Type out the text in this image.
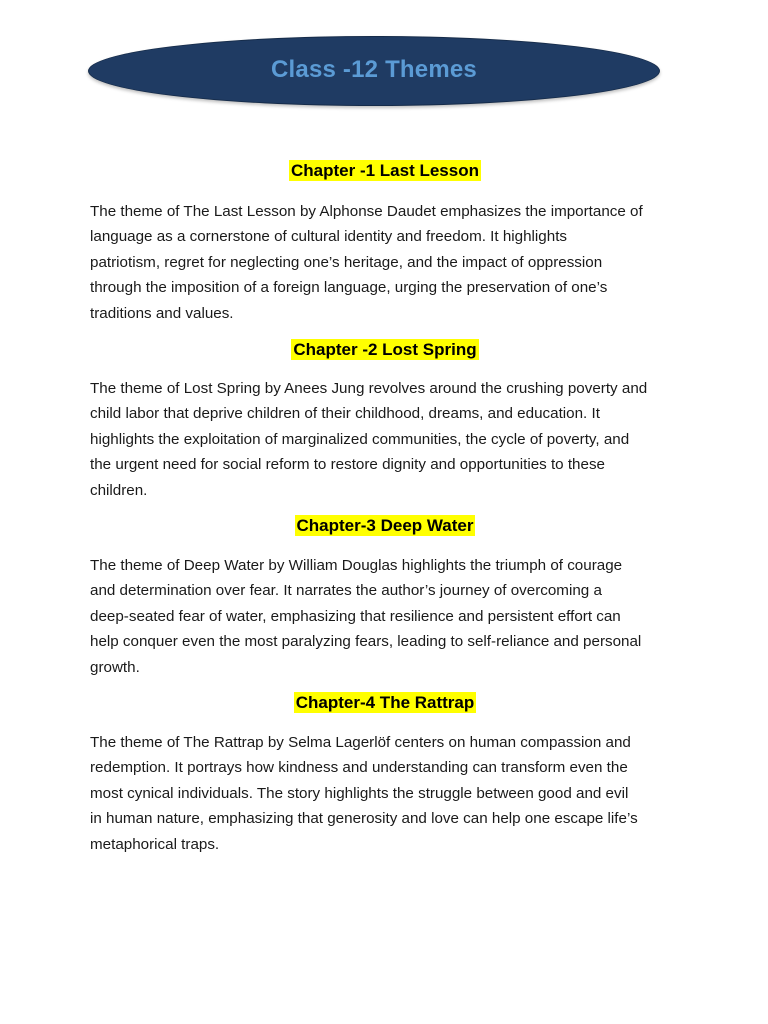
Class -12 Themes

Chapter -1 Last Lesson

The theme of The Last Lesson by Alphonse Daudet emphasizes the importance of
language as a cornerstone of cultural identity and freedom. It highlights
patriotism, regret for neglecting one’s heritage, and the impact of oppression
through the imposition of a foreign language, urging the preservation of one’s
traditions and values.

Chapter -2 Lost Spring

The theme of Lost Spring by Anees Jung revolves around the crushing poverty and
child labor that deprive children of their childhood, dreams, and education. It
highlights the exploitation of marginalized communities, the cycle of poverty, and
the urgent need for social reform to restore dignity and opportunities to these
children.

Chapter-3 Deep Water

The theme of Deep Water by William Douglas highlights the triumph of courage
and determination over fear. It narrates the author’s journey of overcoming a
deep-seated fear of water, emphasizing that resilience and persistent effort can
help conquer even the most paralyzing fears, leading to self-reliance and personal
growth.

Chapter-4 The Rattrap

The theme of The Rattrap by Selma Lagerlöf centers on human compassion and
redemption. It portrays how kindness and understanding can transform even the
most cynical individuals. The story highlights the struggle between good and evil
in human nature, emphasizing that generosity and love can help one escape life’s
metaphorical traps.
